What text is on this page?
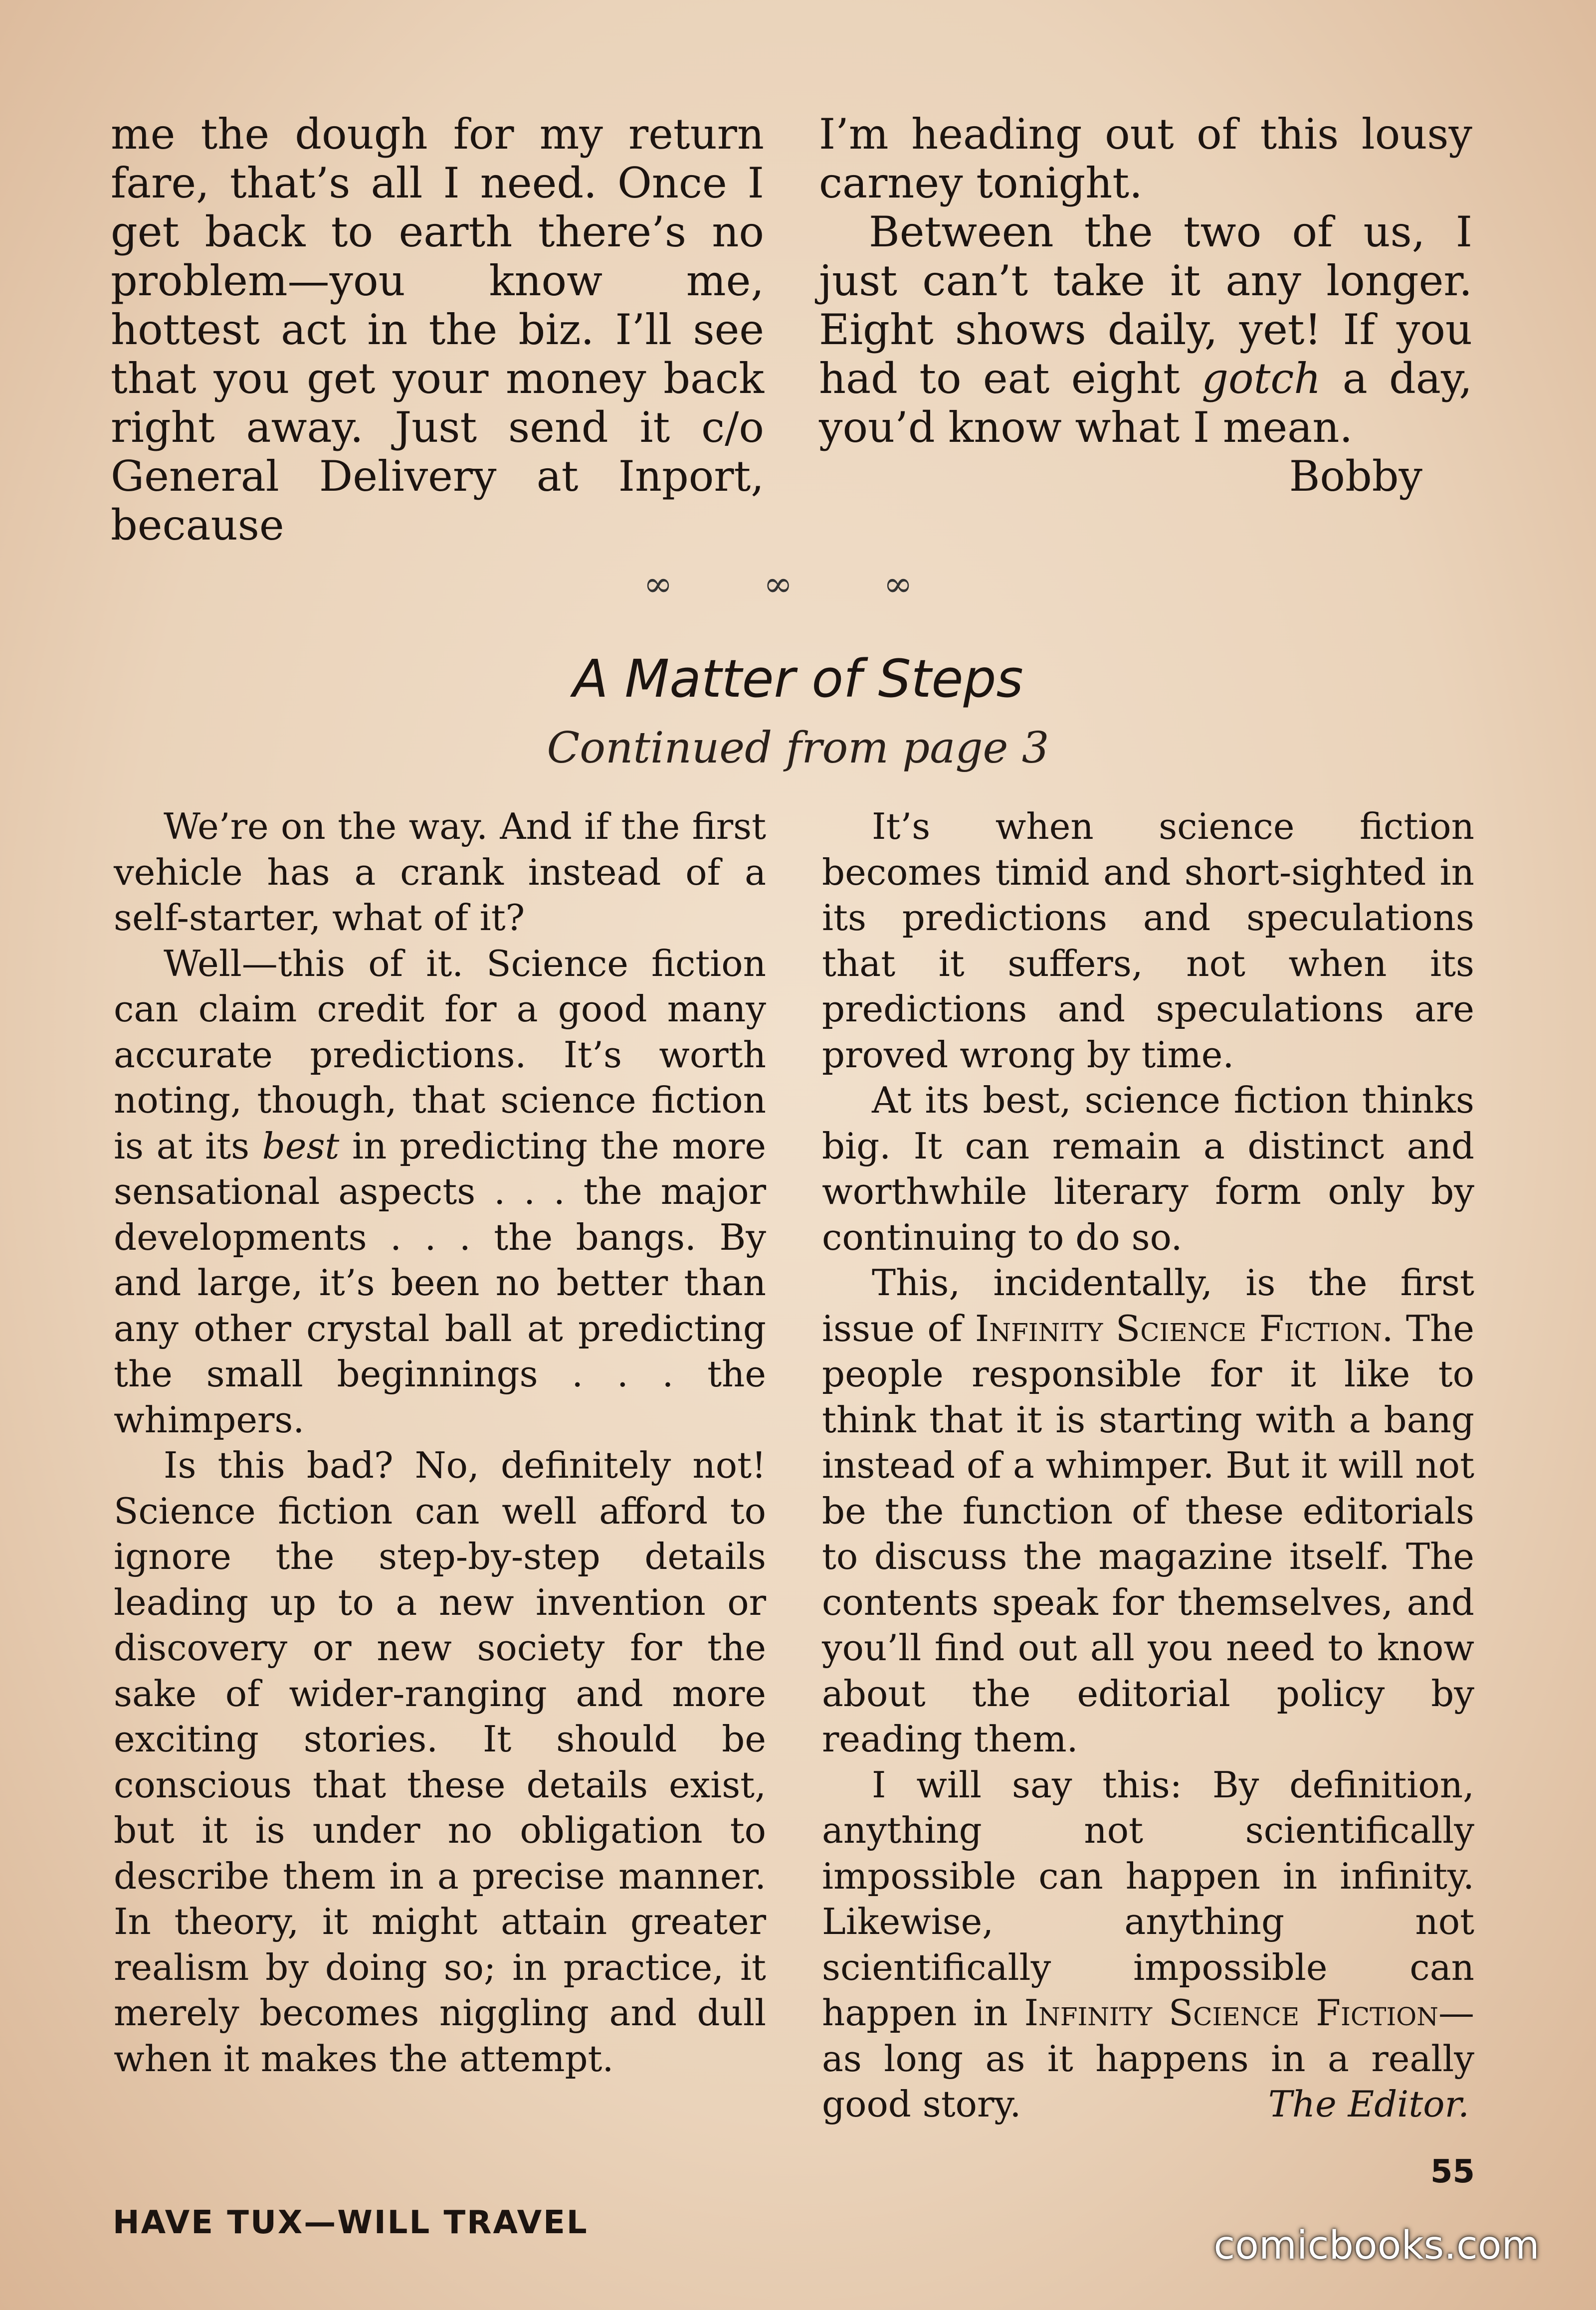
me the dough for my return fare, that’s all I need. Once I get back to earth there’s no problem—you know me, hottest act in the biz. I’ll see that you get your money back right away. Just send it c/o General Delivery at Inport, because

I’m heading out of this lousy carney tonight.

Between the two of us, I just can’t take it any longer. Eight shows daily, yet! If you had to eat eight gotch a day, you’d know what I mean.

Bobby

∞ ∞ ∞
A Matter of Steps
Continued from page 3

We’re on the way. And if the first vehicle has a crank instead of a self-starter, what of it?

Well—this of it. Science fiction can claim credit for a good many accurate predictions. It’s worth noting, though, that science fiction is at its best in predicting the more sensational aspects . . . the major developments . . . the bangs. By and large, it’s been no better than any other crystal ball at predicting the small beginnings . . . the whimpers.

Is this bad? No, definitely not! Science fiction can well afford to ignore the step-by-step details leading up to a new invention or discovery or new society for the sake of wider-ranging and more exciting stories. It should be conscious that these details exist, but it is under no obligation to describe them in a precise manner. In theory, it might attain greater realism by doing so; in practice, it merely becomes niggling and dull when it makes the attempt.

It’s when science fiction becomes timid and short-sighted in its predictions and speculations that it suffers, not when its predictions and speculations are proved wrong by time.

At its best, science fiction thinks big. It can remain a distinct and worthwhile literary form only by continuing to do so.

This, incidentally, is the first issue of Infinity Science Fiction. The people responsible for it like to think that it is starting with a bang instead of a whimper. But it will not be the function of these editorials to discuss the magazine itself. The contents speak for themselves, and you’ll find out all you need to know about the editorial policy by reading them.

I will say this: By definition, anything not scientifically impossible can happen in infinity. Likewise, anything not scientifically impossible can happen in Infinity Science Fiction—as long as it happens in a really good story.	The Editor.

HAVE TUX—WILL TRAVEL
55
comicbooks.com
